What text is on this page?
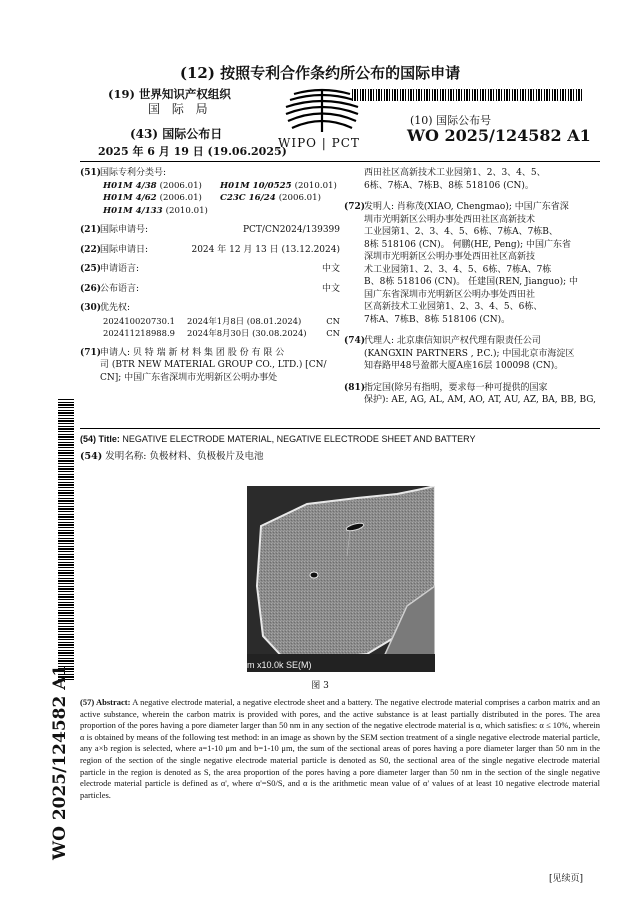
(12) 按照专利合作条约所公布的国际申请
(19) 世界知识产权组织
国 际 局
(43) 国际公布日
2025 年 6 月 19 日 (19.06.2025)
WIPO | PCT
(10) 国际公布号
WO 2025/124582 A1
(51)国际专利分类号:
H01M 4/38 (2006.01) H01M 10/0525 (2010.01)
H01M 4/62 (2006.01) C23C 16/24 (2006.01)
H01M 4/133 (2010.01)
(21)国际申请号:	PCT/CN2024/139399
(22)国际申请日:	2024 年 12 月 13 日 (13.12.2024)
(25)申请语言:	中文
(26)公布语言:	中文
(30)优先权:
202410020730.1 2024年1月8日 (08.01.2024)	CN
202411218988.9 2024年8月30日 (30.08.2024) CN
(71)申请人: 贝 特 瑞 新 材 料 集 团 股 份 有 限 公
司 (BTR NEW MATERIAL GROUP CO., LTD.) [CN/
CN]; 中国广东省深圳市光明新区公明办事处
西田社区高新技术工业园第1、2、3、4、5、
6栋、7栋A、7栋B、8栋 518106 (CN)。
(72)发明人: 肖称茂(XIAO, Chengmao); 中国广东省深
圳市光明新区公明办事处西田社区高新技术
工业园第1、2、3、4、5、6栋、7栋A、7栋B、
8栋 518106 (CN)。 何鹏(HE, Peng); 中国广东省
深圳市光明新区公明办事处西田社区高新技
术工业园第1、2、3、4、5、6栋、7栋A、7栋
B、8栋 518106 (CN)。 任建国(REN, Jianguo); 中
国广东省深圳市光明新区公明办事处西田社
区高新技术工业园第1、2、3、4、5、6栋、
7栋A、7栋B、8栋 518106 (CN)。
(74)代理人: 北京康信知识产权代理有限责任公司
(KANGXIN PARTNERS , P.C.); 中国北京市海淀区
知春路甲48号盈都大厦A座16层 100098 (CN)。
(81)指定国(除另有指明，要求每一种可提供的国家
保护): AE, AG, AL, AM, AO, AT, AU, AZ, BA, BB, BG,
WO 2025/124582 A1
(54) Title: NEGATIVE ELECTRODE MATERIAL, NEGATIVE ELECTRODE SHEET AND BATTERY
(54) 发明名称: 负极材料、负极极片及电池
m x10.0k SE(M)
图 3
(57) Abstract: A negative electrode material, a negative electrode sheet and a battery. The negative electrode material comprises a carbon matrix and an active substance, wherein the carbon matrix is provided with pores, and the active substance is at least partially distributed in the pores. The area proportion of the pores having a pore diameter larger than 50 nm in any section of the negative electrode material is α, which satisfies: α ≤ 10%, wherein α is obtained by means of the following test method: in an image as shown by the SEM section treatment of a single negative electrode material particle, any a×b region is selected, where a=1-10 μm and b=1-10 μm, the sum of the sectional areas of pores having a pore diameter larger than 50 nm in the region of the section of the single negative electrode material particle is denoted as S0, the sectional area of the single negative electrode material particle in the region is denoted as S, the area proportion of the pores having a pore diameter larger than 50 nm in the section of the single negative electrode material particle is defined as α', where α'=S0/S, and α is the arithmetic mean value of α' values of at least 10 negative electrode material particles.
[见续页]
